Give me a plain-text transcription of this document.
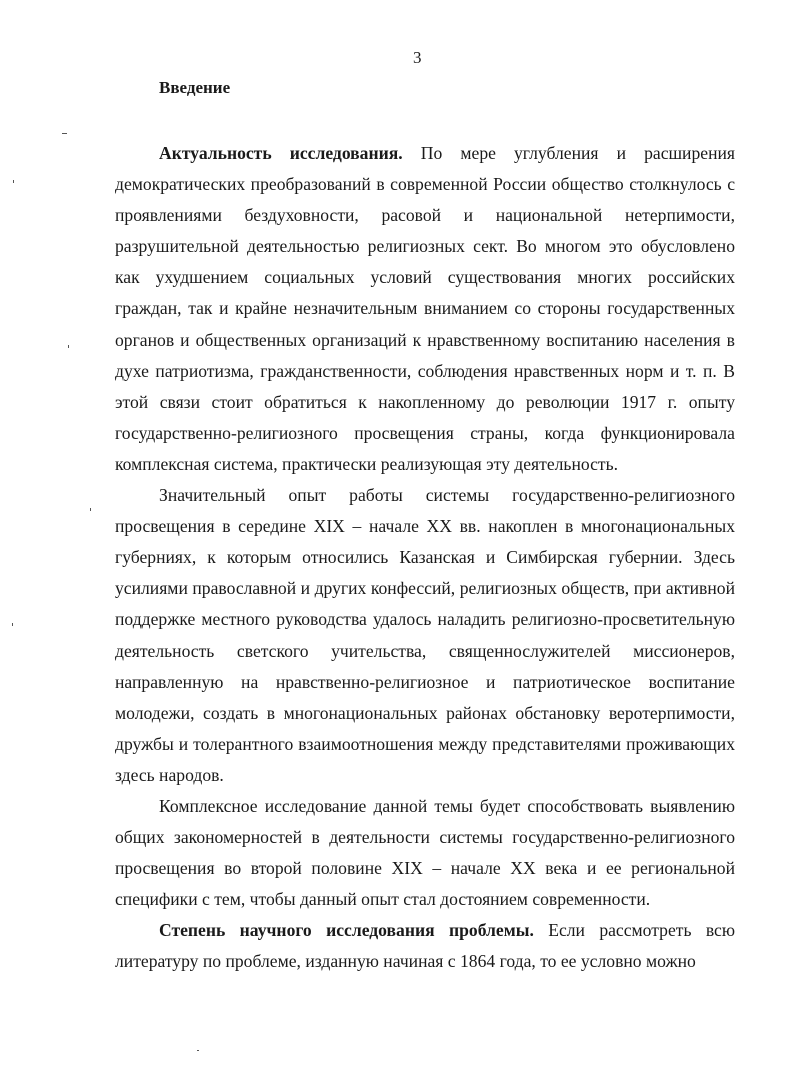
3
Введение

Актуальность исследования. По мере углубления и расширения демократических преобразований в современной России общество столкнулось с проявлениями бездуховности, расовой и национальной нетерпимости, разрушительной деятельностью религиозных сект. Во многом это обусловлено как ухудшением социальных условий существования многих российских граждан, так и крайне незначительным вниманием со стороны государственных органов и общественных организаций к нравственному воспитанию населения в духе патриотизма, гражданственности, соблюдения нравственных норм и т. п. В этой связи стоит обратиться к накопленному до революции 1917 г. опыту государственно-религиозного просвещения страны, когда функционировала комплексная система, практически реализующая эту деятельность.

Значительный опыт работы системы государственно-религиозного просвещения в середине XIX – начале XX вв. накоплен в многонациональных губерниях, к которым относились Казанская и Симбирская губернии. Здесь усилиями православной и других конфессий, религиозных обществ, при активной поддержке местного руководства удалось наладить религиозно-просветительную деятельность светского учительства, священнослужителей миссионеров, направленную на нравственно-религиозное и патриотическое воспитание молодежи, создать в многонациональных районах обстановку веротерпимости, дружбы и толерантного взаимоотношения между представителями проживающих здесь народов.

Комплексное исследование данной темы будет способствовать выявлению общих закономерностей в деятельности системы государственно-религиозного просвещения во второй половине XIX – начале XX века и ее региональной специфики с тем, чтобы данный опыт стал достоянием современности.

Степень научного исследования проблемы. Если рассмотреть всю литературу по проблеме, изданную начиная с 1864 года, то ее условно можно
